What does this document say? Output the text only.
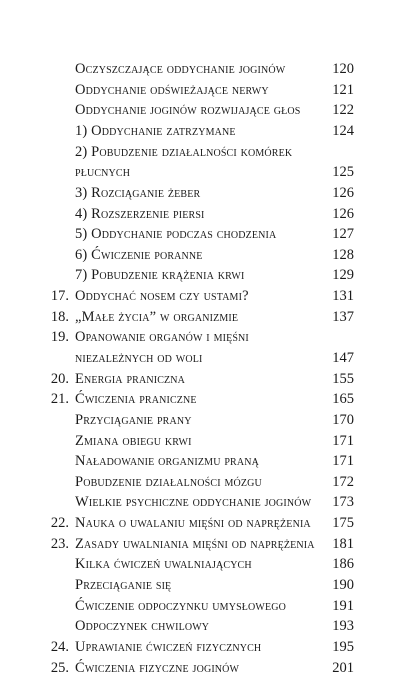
Oczyszczające oddychanie joginów	120
Oddychanie odświeżające nerwy	121
Oddychanie joginów rozwijające głos	122
1) Oddychanie zatrzymane	124
2) Pobudzenie działalności komórek płucnych	125
3) Rozciąganie żeber	126
4) Rozszerzenie piersi	126
5) Oddychanie podczas chodzenia	127
6) Ćwiczenie poranne	128
7) Pobudzenie krążenia krwi	129
17. Oddychać nosem czy ustami?	131
18. „Małe życia” w organizmie	137
19. Opanowanie organów i mięśni niezależnych od woli	147
20. Energia praniczna	155
21. Ćwiczenia praniczne	165
Przyciąganie prany	170
Zmiana obiegu krwi	171
Naładowanie organizmu praną	171
Pobudzenie działalności mózgu	172
Wielkie psychiczne oddychanie joginów	173
22. Nauka o uwalaniu mięśni od naprężenia	175
23. Zasady uwalniania mięśni od naprężenia	181
Kilka ćwiczeń uwalniających	186
Przeciąganie się	190
Ćwiczenie odpoczynku umysłowego	191
Odpoczynek chwilowy	193
24. Uprawianie ćwiczeń fizycznych	195
25. Ćwiczenia fizyczne joginów	201
